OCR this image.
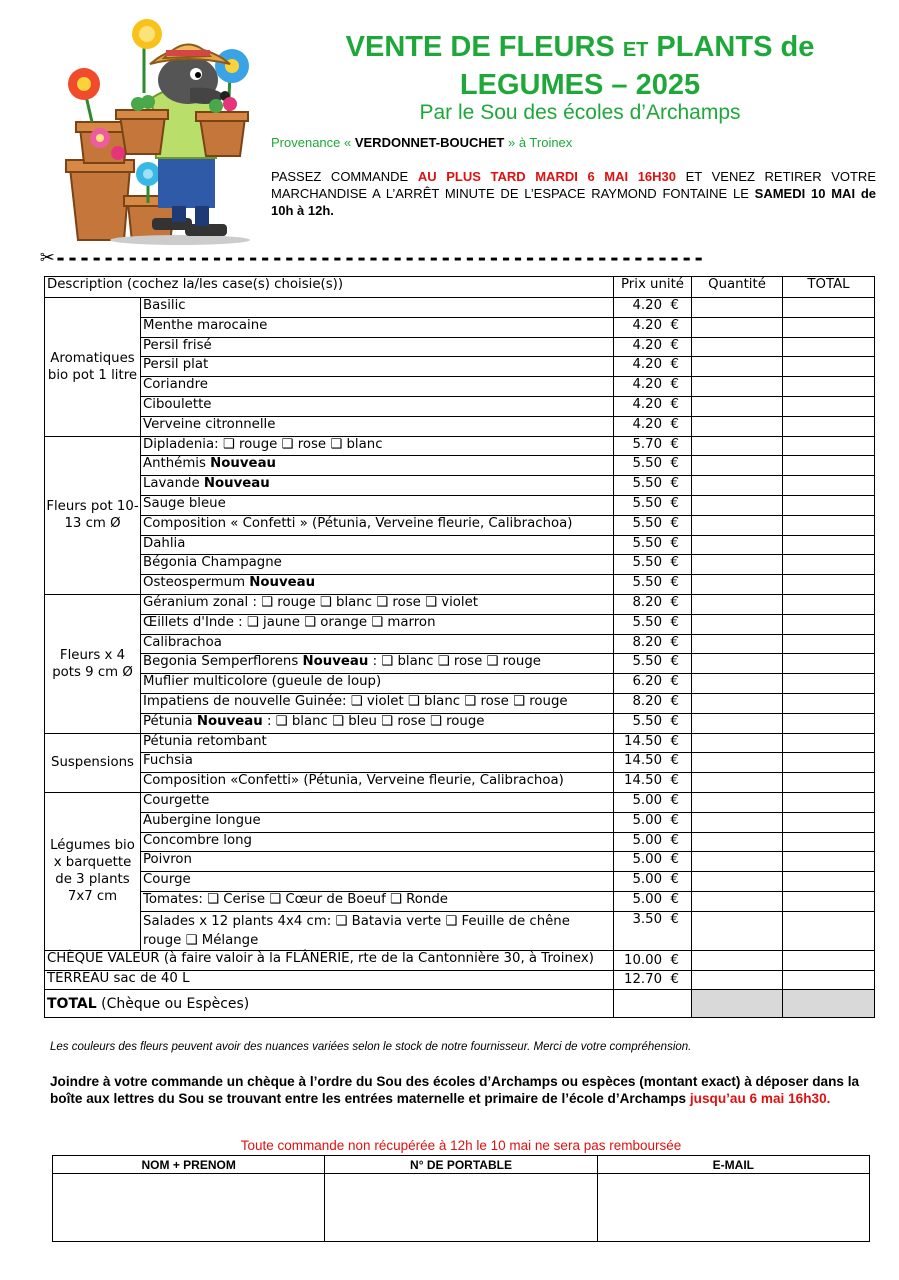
VENTE DE FLEURS ET PLANTS de
LEGUMES – 2025
Par le Sou des écoles d’Archamps
Provenance « VERDONNET-BOUCHET » à Troinex
PASSEZ COMMANDE AU PLUS TARD MARDI 6 MAI 16H30 ET VENEZ RETIRER VOTRE MARCHANDISE A L’ARRÊT MINUTE DE L’ESPACE RAYMOND FONTAINE LE SAMEDI 10 MAI de 10h à 12h.
✂------------------------------------------------------
Description (cochez la/les case(s) choisie(s))		Prix unité	Quantité	TOTAL
Aromatiques bio pot 1 litre	Basilic	4.20  €		
	Menthe marocaine	4.20  €		
	Persil frisé	4.20  €		
	Persil plat	4.20  €		
	Coriandre	4.20  €		
	Ciboulette	4.20  €		
	Verveine citronnelle	4.20  €		
Fleurs pot 10-13 cm Ø	Dipladenia: ❑ rouge ❑ rose ❑ blanc	5.70  €		
	Anthémis Nouveau	5.50  €		
	Lavande Nouveau	5.50  €		
	Sauge bleue	5.50  €		
	Composition « Confetti » (Pétunia, Verveine fleurie, Calibrachoa)	5.50  €		
	Dahlia	5.50  €		
	Bégonia Champagne	5.50  €		
	Osteospermum Nouveau	5.50  €		
Fleurs x 4 pots 9 cm Ø	Géranium zonal : ❑ rouge ❑ blanc ❑ rose ❑ violet	8.20  €		
	Œillets d'Inde : ❑ jaune ❑ orange ❑ marron	5.50  €		
	Calibrachoa	8.20  €		
	Begonia Semperflorens Nouveau : ❑ blanc ❑ rose ❑ rouge	5.50  €		
	Muflier multicolore (gueule de loup)	6.20  €		
	Impatiens de nouvelle Guinée: ❑ violet ❑ blanc ❑ rose ❑ rouge	8.20  €		
	Pétunia Nouveau : ❑ blanc ❑ bleu ❑ rose ❑ rouge	5.50  €		
Suspensions	Pétunia retombant	14.50  €		
	Fuchsia	14.50  €		
	Composition «Confetti» (Pétunia, Verveine fleurie, Calibrachoa)	14.50  €		
Légumes bio x barquette de 3 plants 7x7 cm	Courgette	5.00  €		
	Aubergine longue	5.00  €		
	Concombre long	5.00  €		
	Poivron	5.00  €		
	Courge	5.00  €		
	Tomates: ❑ Cerise ❑ Cœur de Boeuf ❑ Ronde	5.00  €		
	Salades x 12 plants 4x4 cm: ❑ Batavia verte ❑ Feuille de chêne rouge ❑ Mélange	3.50  €		
CHÈQUE VALEUR (à faire valoir à la FLÂNERIE, rte de la Cantonnière 30, à Troinex)		10.00  €		
TERREAU sac de 40 L		12.70  €		
TOTAL (Chèque ou Espèces)				
Les couleurs des fleurs peuvent avoir des nuances variées selon le stock de notre fournisseur. Merci de votre compréhension.
Joindre à votre commande un chèque à l’ordre du Sou des écoles d’Archamps ou espèces (montant exact) à déposer dans la boîte aux lettres du Sou se trouvant entre les entrées maternelle et primaire de l’école d’Archamps jusqu’au 6 mai 16h30.
Toute commande non récupérée à 12h le 10 mai ne sera pas remboursée
NOM + PRENOM	N° DE PORTABLE	E-MAIL
